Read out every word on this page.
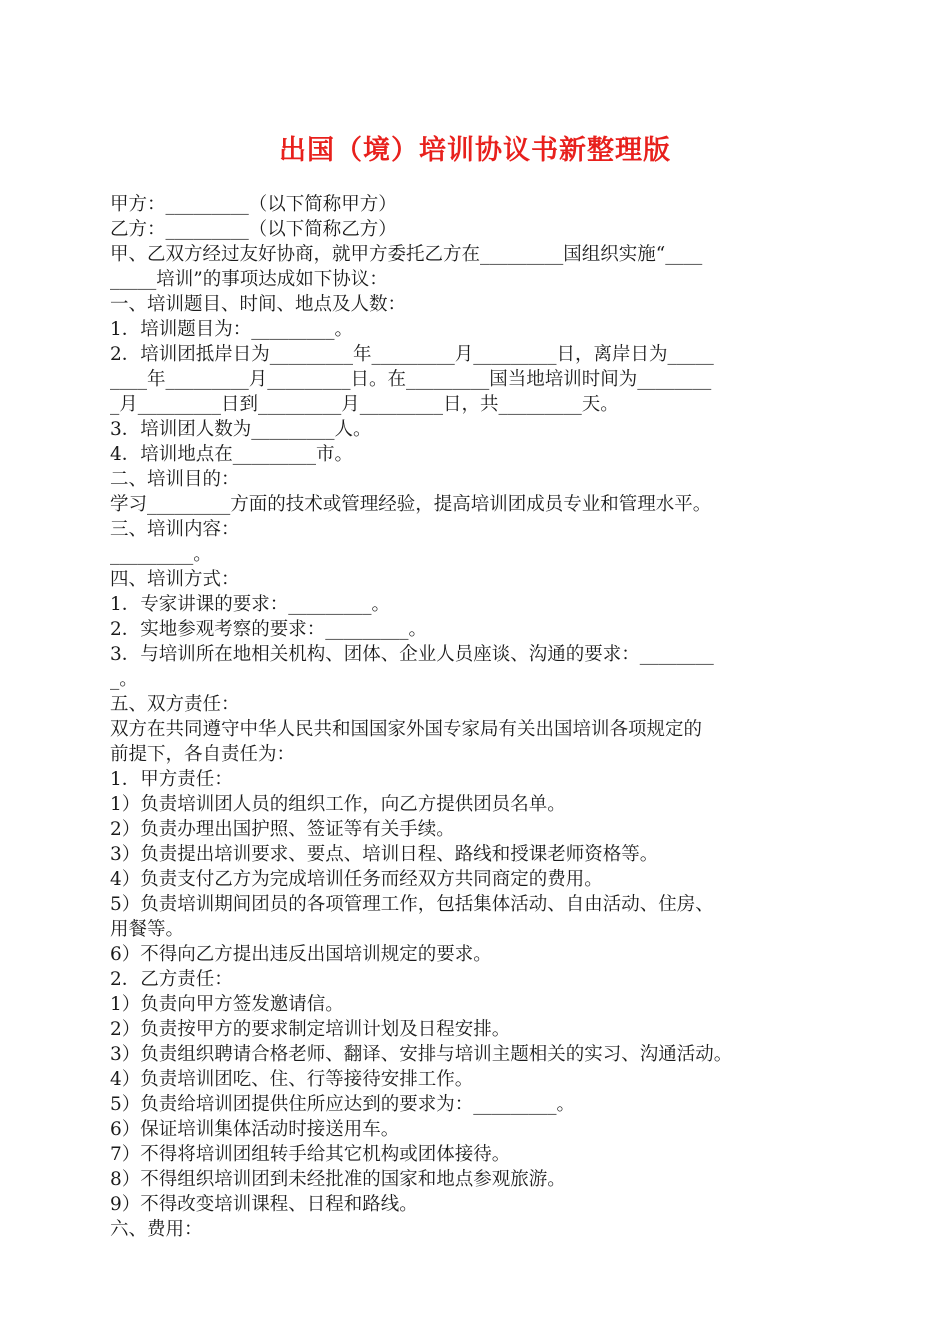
出国（境）培训协议书新整理版
甲方：_________（以下简称甲方）
乙方：_________（以下简称乙方）
甲、乙双方经过友好协商，就甲方委托乙方在_________国组织实施“____
_____培训”的事项达成如下协议：
一、培训题目、时间、地点及人数：
1．培训题目为：_________。
2．培训团抵岸日为_________年_________月_________日，离岸日为_____
____年_________月_________日。在_________国当地培训时间为________
_月_________日到_________月_________日，共_________天。
3．培训团人数为_________人。
4．培训地点在_________市。
二、培训目的：
学习_________方面的技术或管理经验，提高培训团成员专业和管理水平。
三、培训内容：
_________。
四、培训方式：
1．专家讲课的要求：_________。
2．实地参观考察的要求：_________。
3．与培训所在地相关机构、团体、企业人员座谈、沟通的要求：________
_。
五、双方责任：
双方在共同遵守中华人民共和国国家外国专家局有关出国培训各项规定的
前提下，各自责任为：
1．甲方责任：
1）负责培训团人员的组织工作，向乙方提供团员名单。
2）负责办理出国护照、签证等有关手续。
3）负责提出培训要求、要点、培训日程、路线和授课老师资格等。
4）负责支付乙方为完成培训任务而经双方共同商定的费用。
5）负责培训期间团员的各项管理工作，包括集体活动、自由活动、住房、
用餐等。
6）不得向乙方提出违反出国培训规定的要求。
2．乙方责任：
1）负责向甲方签发邀请信。
2）负责按甲方的要求制定培训计划及日程安排。
3）负责组织聘请合格老师、翻译、安排与培训主题相关的实习、沟通活动。
4）负责培训团吃、住、行等接待安排工作。
5）负责给培训团提供住所应达到的要求为：_________。
6）保证培训集体活动时接送用车。
7）不得将培训团组转手给其它机构或团体接待。
8）不得组织培训团到未经批准的国家和地点参观旅游。
9）不得改变培训课程、日程和路线。
六、费用：
